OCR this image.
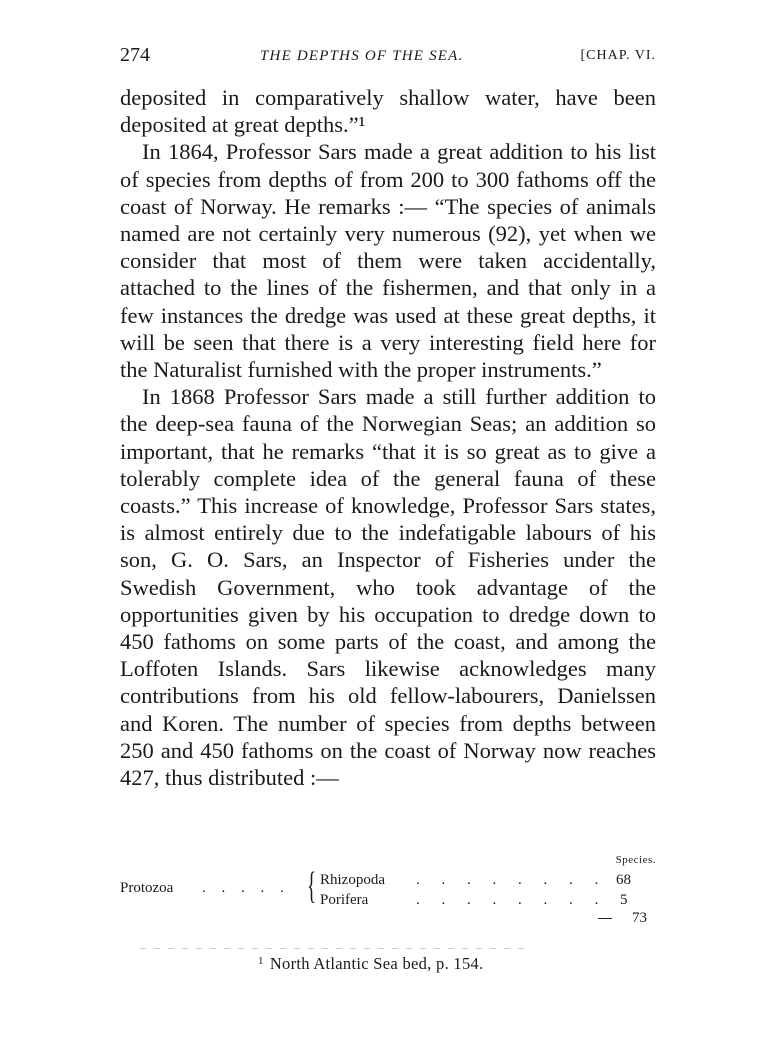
274	THE DEPTHS OF THE SEA.	[CHAP. VI.

deposited in comparatively shallow water, have been deposited at great depths.”¹

In 1864, Professor Sars made a great addition to his list of species from depths of from 200 to 300 fathoms off the coast of Norway. He remarks :— “The species of animals named are not certainly very numerous (92), yet when we consider that most of them were taken accidentally, attached to the lines of the fishermen, and that only in a few instances the dredge was used at these great depths, it will be seen that there is a very interesting field here for the Naturalist furnished with the proper instruments.”

In 1868 Professor Sars made a still further addition to the deep-sea fauna of the Norwegian Seas; an addition so important, that he remarks “that it is so great as to give a tolerably complete idea of the general fauna of these coasts.” This increase of knowledge, Professor Sars states, is almost entirely due to the indefatigable labours of his son, G. O. Sars, an Inspector of Fisheries under the Swedish Government, who took advantage of the opportunities given by his occupation to dredge down to 450 fathoms on some parts of the coast, and among the Loffoten Islands. Sars likewise acknowledges many contributions from his old fellow-labourers, Danielssen and Koren. The number of species from depths between 250 and 450 fathoms on the coast of Norway now reaches 427, thus distributed :—

Species.
Protozoa . . . . . { Rhizopoda . . . . . . . . 68
Porifera	. . . . . . . . 5
73
$^1$ North Atlantic Sea bed, p. 154.
